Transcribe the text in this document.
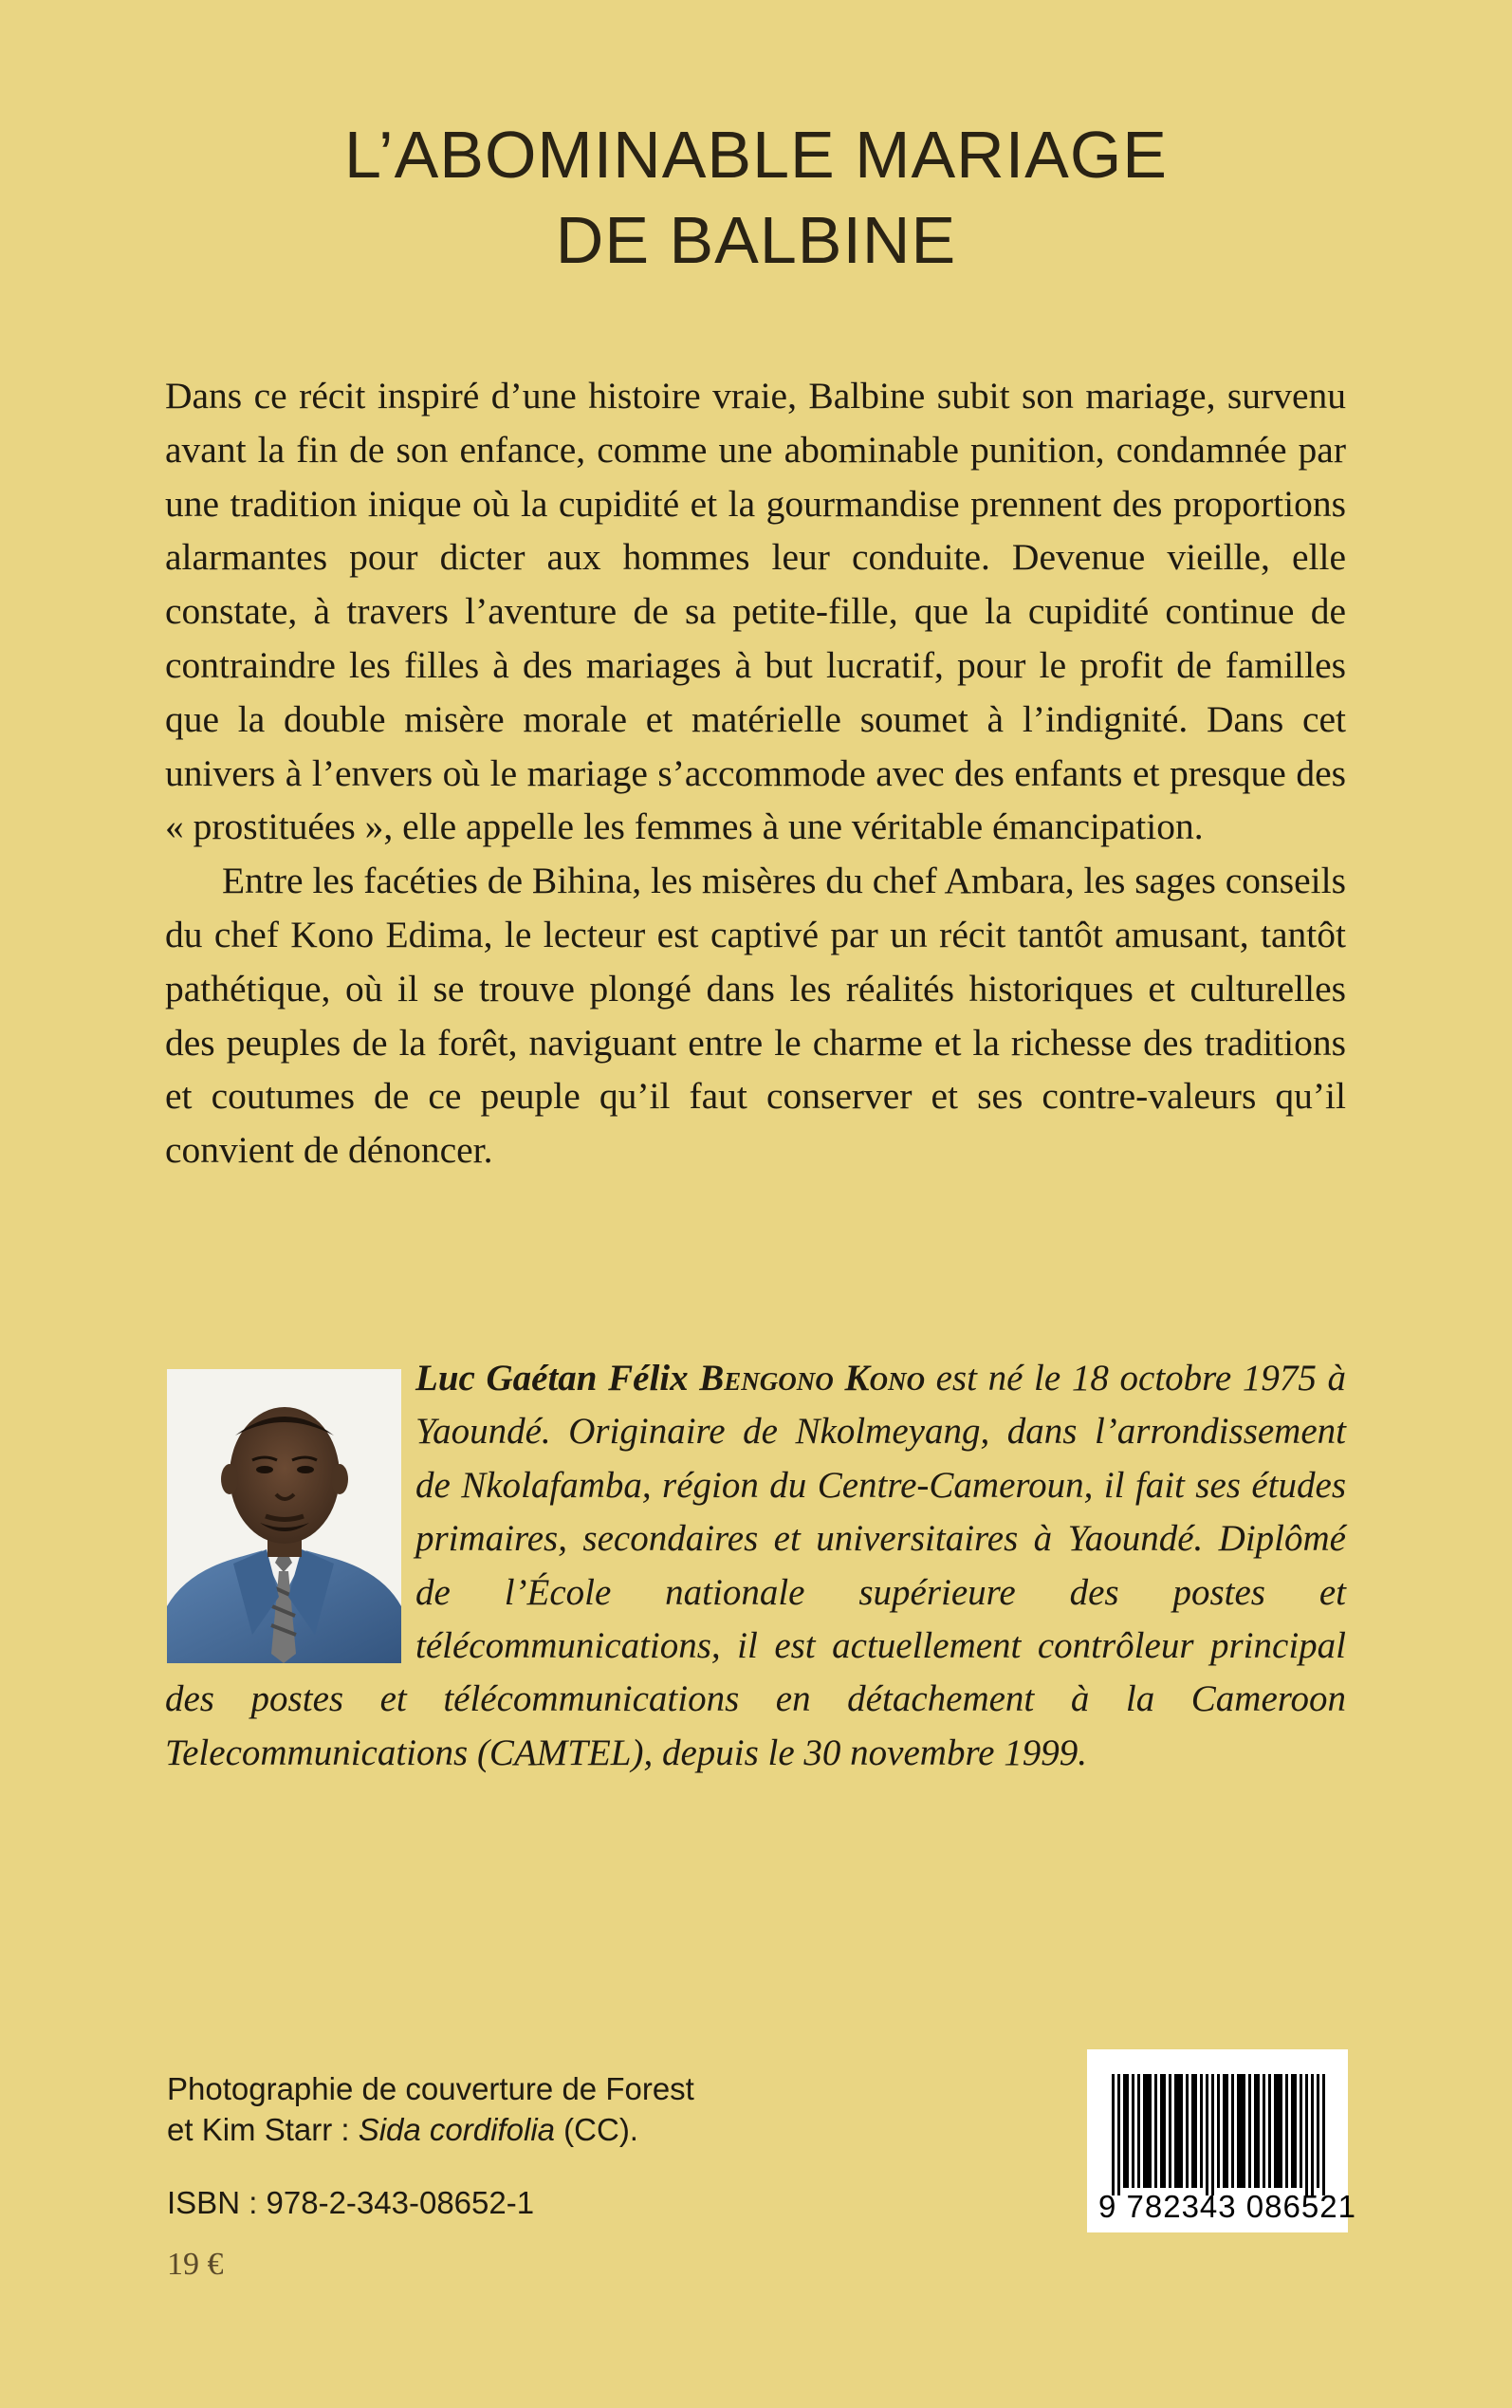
L’ABOMINABLE MARIAGE
DE BALBINE

Dans ce récit inspiré d’une histoire vraie, Balbine subit son mariage, survenu avant la fin de son enfance, comme une abominable punition, condamnée par une tradition inique où la cupidité et la gourmandise prennent des proportions alarmantes pour dicter aux hommes leur conduite. Devenue vieille, elle constate, à travers l’aventure de sa petite-fille, que la cupidité continue de contraindre les filles à des mariages à but lucratif, pour le profit de familles que la double misère morale et matérielle soumet à l’indignité. Dans cet univers à l’envers où le mariage s’accommode avec des enfants et presque des « prostituées », elle appelle les femmes à une véritable émancipation.

Entre les facéties de Bihina, les misères du chef Ambara, les sages conseils du chef Kono Edima, le lecteur est captivé par un récit tantôt amusant, tantôt pathétique, où il se trouve plongé dans les réalités historiques et culturelles des peuples de la forêt, naviguant entre le charme et la richesse des traditions et coutumes de ce peuple qu’il faut conserver et ses contre-valeurs qu’il convient de dénoncer.

Luc Gaétan Félix Bengono Kono est né le 18 octobre 1975 à Yaoundé. Originaire de Nkolmeyang, dans l’arrondissement de Nkolafamba, région du Centre-Cameroun, il fait ses études primaires, secondaires et universitaires à Yaoundé. Diplômé de l’École nationale supérieure des postes et télécommunications, il est actuellement contrôleur principal des postes et télécommunications en détachement à la Cameroon Telecommunications (CAMTEL), depuis le 30 novembre 1999.

Photographie de couverture de Forest
et Kim Starr : Sida cordifolia (CC).
ISBN : 978-2-343-08652-1
19 €
9 782343 086521
